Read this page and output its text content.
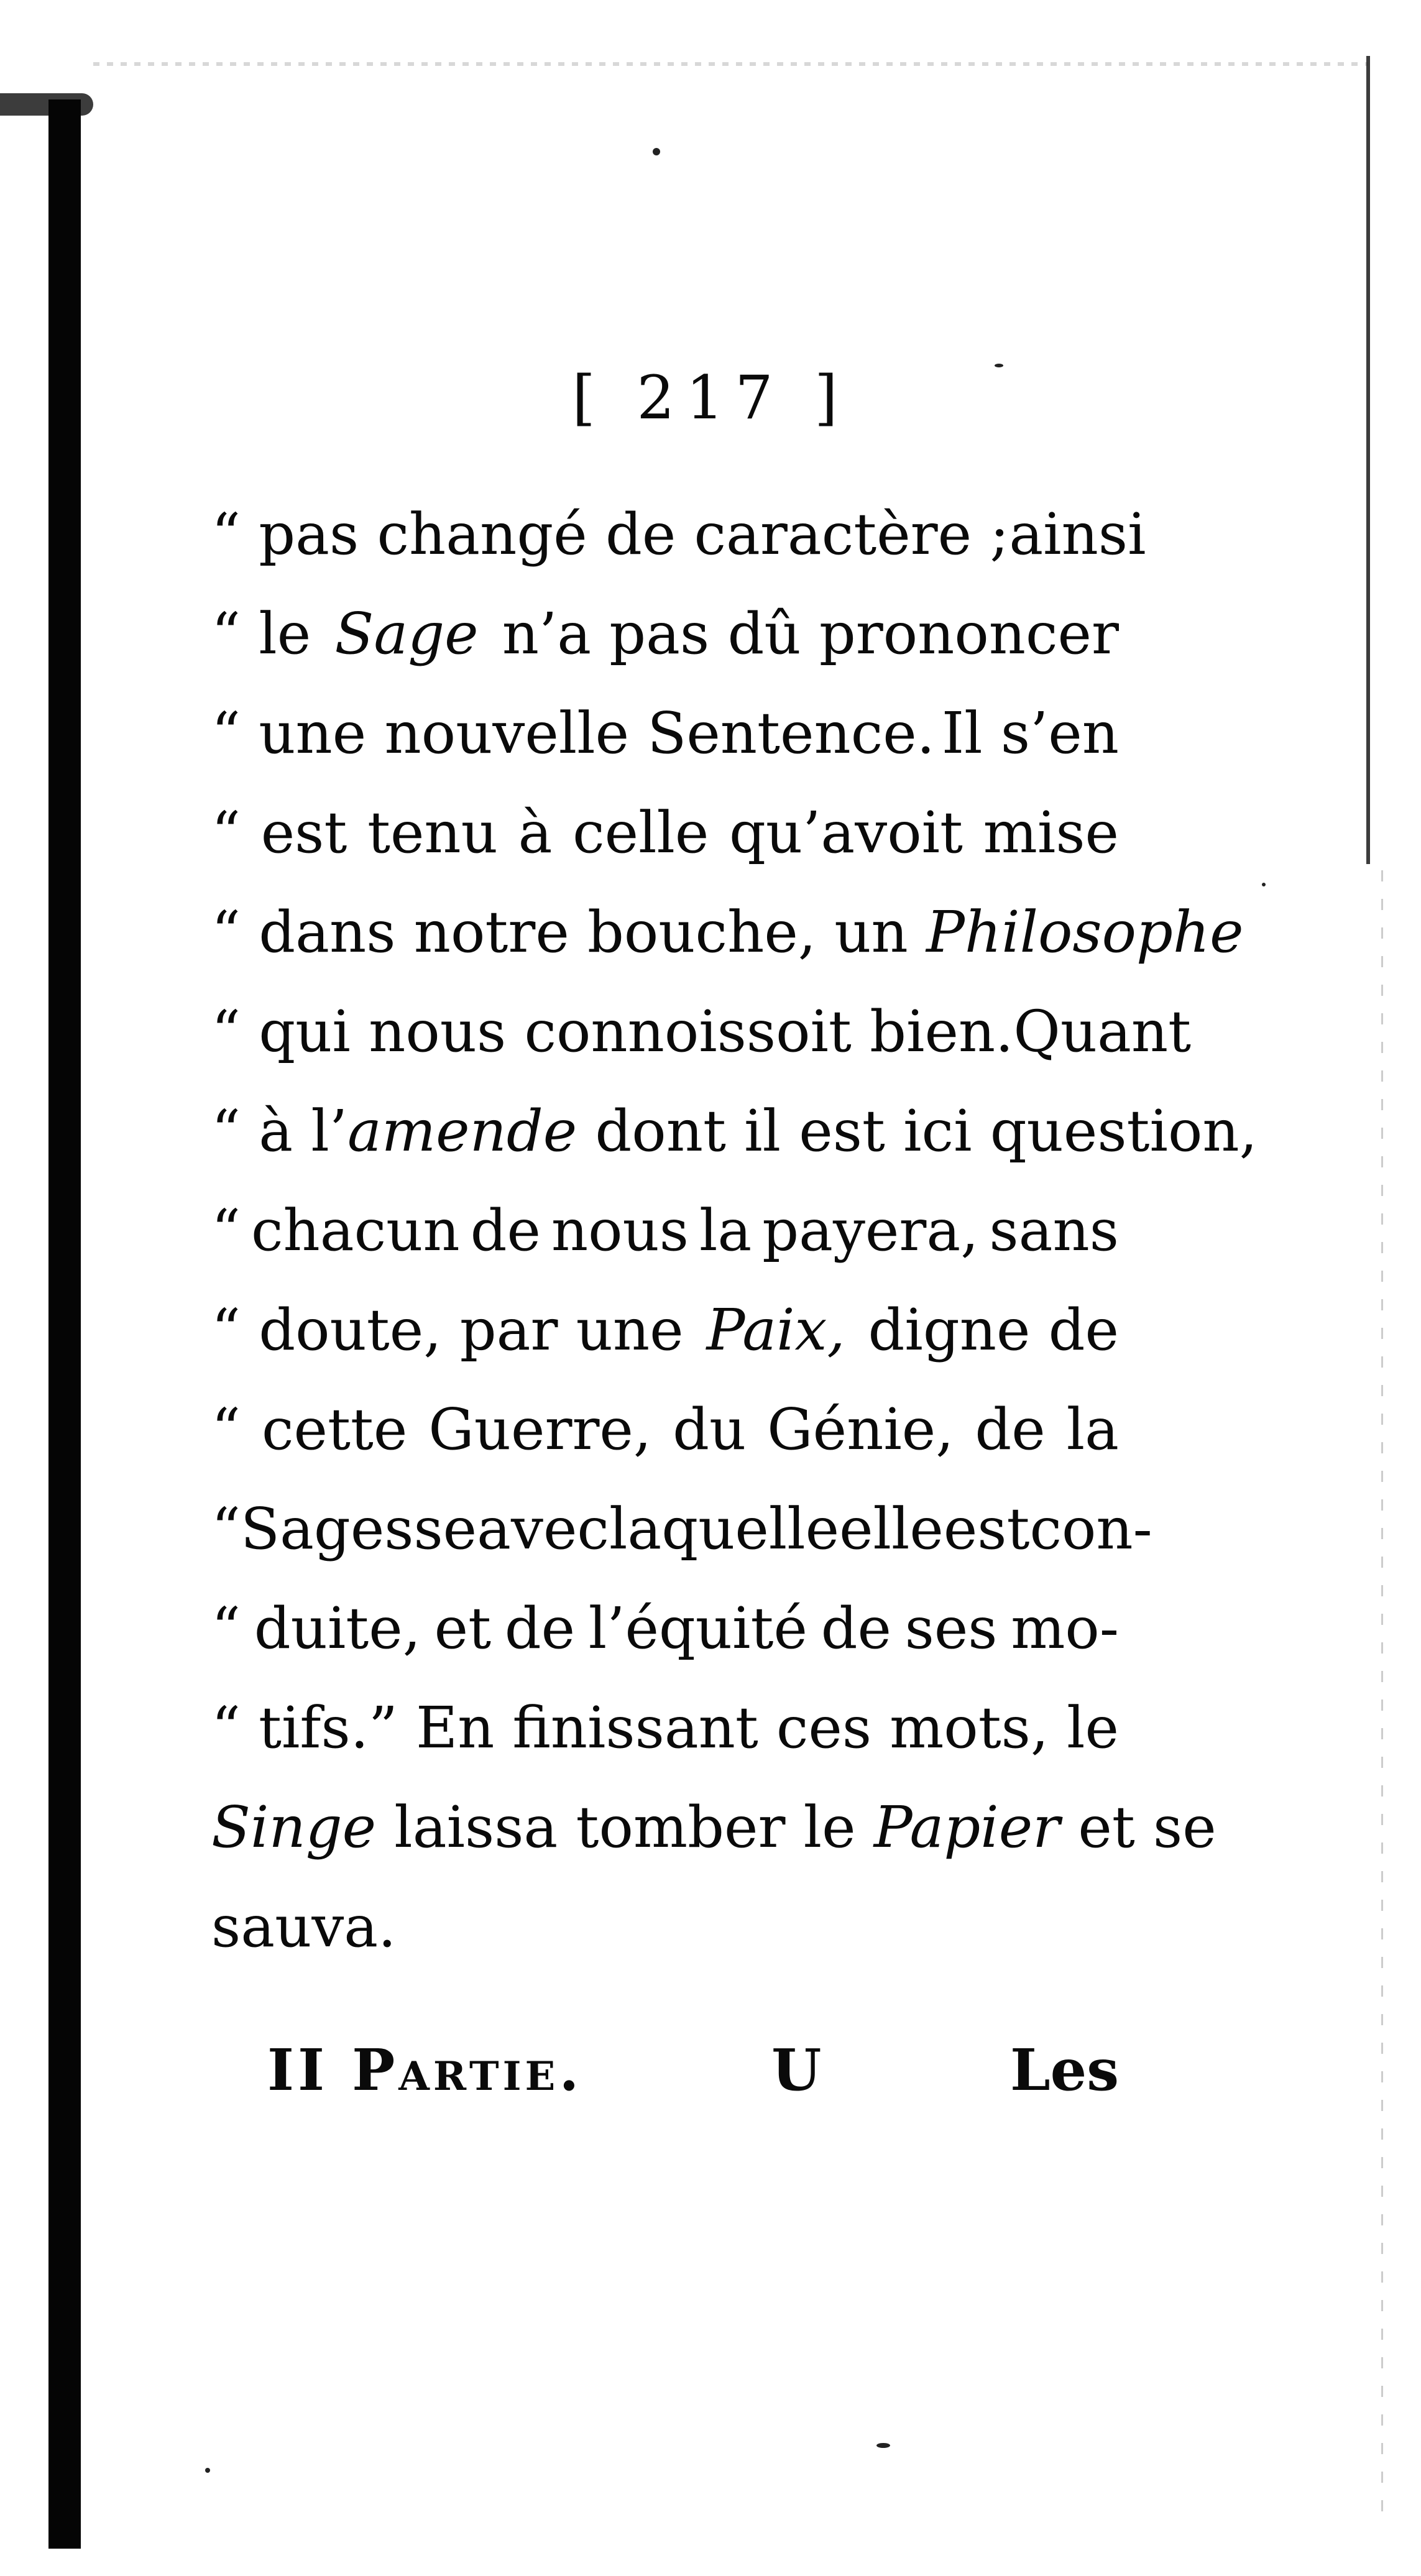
[ 217 ]
“ pas changé de caractère ; ainsi
“ le Sage n’a pas dû prononcer
“ une nouvelle Sentence. Il s’en
“ est tenu à celle qu’avoit mise
“ dans notre bouche, un Philosophe
“ qui nous connoissoit bien. Quant
“ à l’ amende dont il est ici question,
“ chacun de nous la payera, sans
“ doute, par une Paix, digne de
“ cette Guerre, du Génie, de la
“ Sagesse avec laquelle elle est con-
“ duite, et de l’équité de ses mo-
“ tifs.” En finissant ces mots, le
Singe laissa tomber le Papier et se
sauva.
II Partie.	U	Les
